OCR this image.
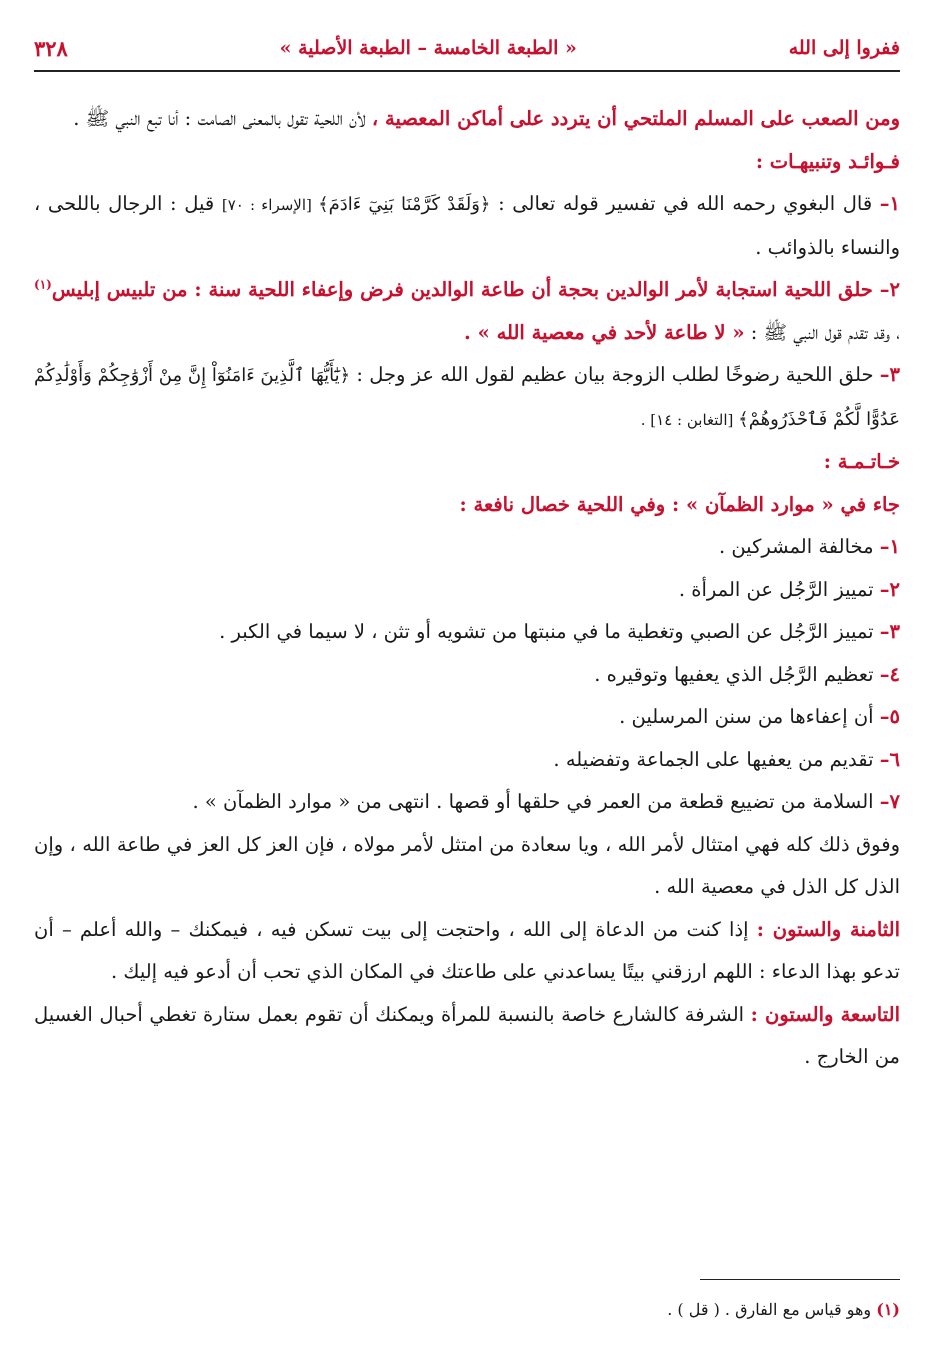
٣٢٨	« الطبعة الخامسة – الطبعة الأصلية »	ففروا إلى الله

ومن الصعب على المسلم الملتحي أن يتردد على أماكن المعصية ، لأن اللحية تقول بالمعنى الصامت : أنا تبع النبي ﷺ .

فـوائـد وتنبيهـات :

١– قال البغوي رحمه الله في تفسير قوله تعالى : ﴿وَلَقَدْ كَرَّمْنَا بَنِيٓ ءَادَمَ﴾ [الإسراء : ٧٠] قيل : الرجال باللحى ، والنساء بالذوائب .

٢– حلق اللحية استجابة لأمر الوالدين بحجة أن طاعة الوالدين فرض وإعفاء اللحية سنة : من تلبيس إبليس$^{(١)}$ ، وقد تقدم قول النبي ﷺ : « لا طاعة لأحد في معصية الله » .

٣– حلق اللحية رضوخًا لطلب الزوجة بيان عظيم لقول الله عز وجل : ﴿يَٰٓأَيُّهَا ٱلَّذِينَ ءَامَنُوٓاْ إِنَّ مِنْ أَزْوَٰجِكُمْ وَأَوْلَٰدِكُمْ عَدُوًّا لَّكُمْ فَٱحْذَرُوهُمْ﴾ [التغابن : ١٤] .

خـاتـمـة :

جاء في « موارد الظمآن » : وفي اللحية خصال نافعة :

١– مخالفة المشركين .

٢– تمييز الرَّجُل عن المرأة .

٣– تمييز الرَّجُل عن الصبي وتغطية ما في منبتها من تشويه أو تثن ، لا سيما في الكبر .

٤– تعظيم الرَّجُل الذي يعفيها وتوقيره .

٥– أن إعفاءها من سنن المرسلين .

٦– تقديم من يعفيها على الجماعة وتفضيله .

٧– السلامة من تضييع قطعة من العمر في حلقها أو قصها . انتهى من « موارد الظمآن » .

وفوق ذلك كله فهي امتثال لأمر الله ، ويا سعادة من امتثل لأمر مولاه ، فإن العز كل العز في طاعة الله ، وإن الذل كل الذل في معصية الله .

الثامنة والستون : إذا كنت من الدعاة إلى الله ، واحتجت إلى بيت تسكن فيه ، فيمكنك – والله أعلم – أن تدعو بهذا الدعاء : اللهم ارزقني بيتًا يساعدني على طاعتك في المكان الذي تحب أن أدعو فيه إليك .

التاسعة والستون : الشرفة كالشارع خاصة بالنسبة للمرأة ويمكنك أن تقوم بعمل ستارة تغطي أحبال الغسيل من الخارج .

(١) وهو قياس مع الفارق . ( قل ) .
